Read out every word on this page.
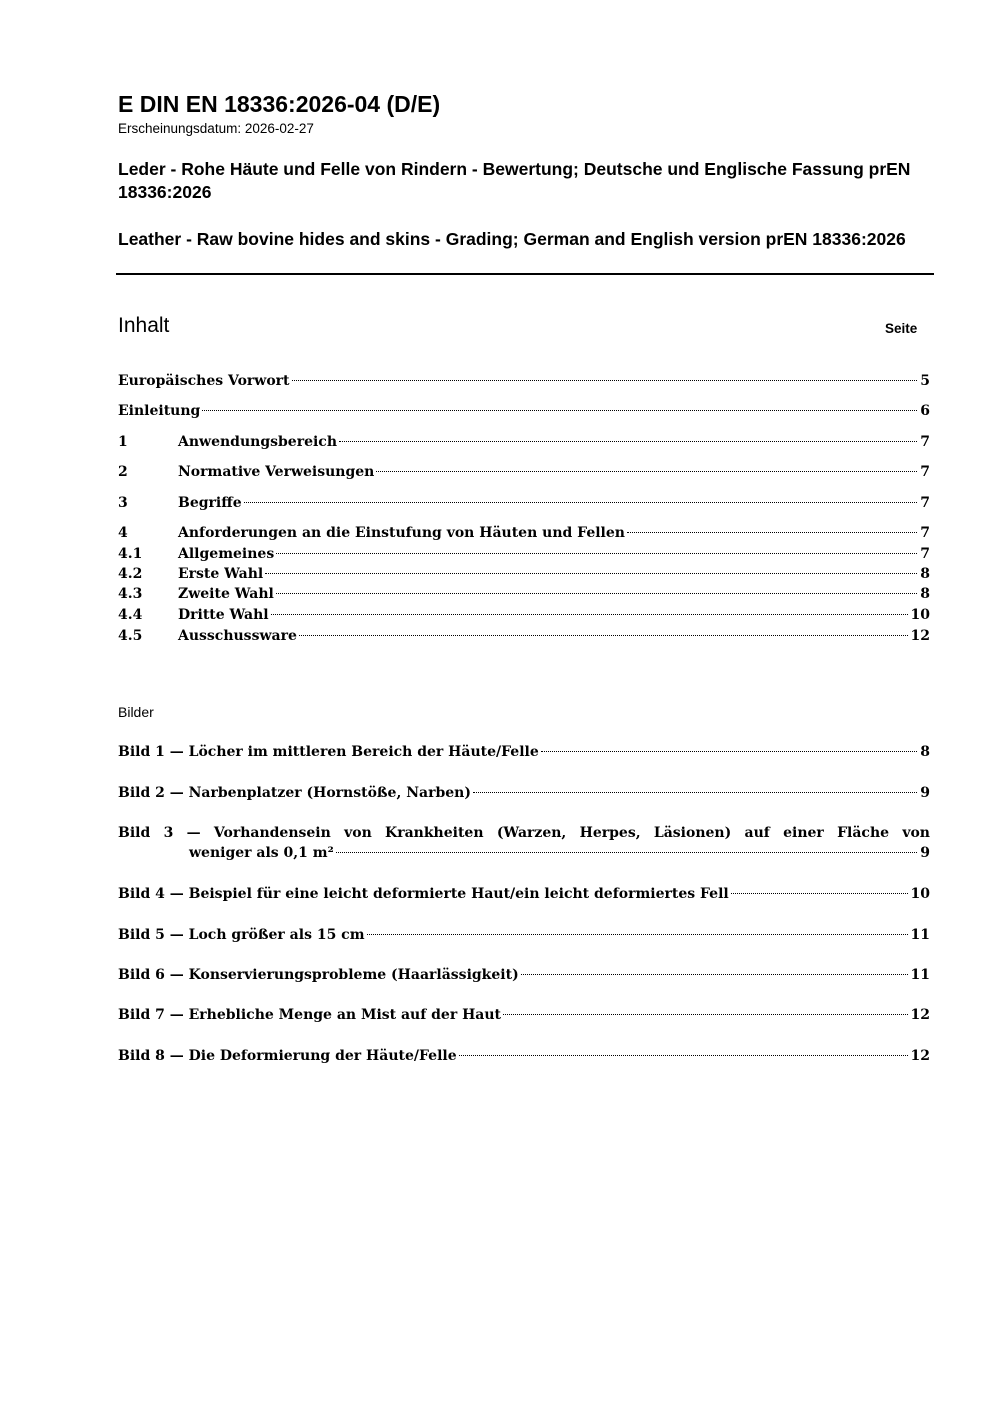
E DIN EN 18336:2026-04 (D/E)
Erscheinungsdatum: 2026-02-27
Leder - Rohe Häute und Felle von Rindern - Bewertung; Deutsche und Englische Fassung prEN 18336:2026
Leather - Raw bovine hides and skins - Grading; German and English version prEN 18336:2026
Inhalt	Seite
Europäisches Vorwort	5
Einleitung	6
1	Anwendungsbereich	7
2	Normative Verweisungen	7
3	Begriffe	7
4	Anforderungen an die Einstufung von Häuten und Fellen	7
4.1	Allgemeines	7
4.2	Erste Wahl	8
4.3	Zweite Wahl	8
4.4	Dritte Wahl	10
4.5	Ausschussware	12
Bilder
Bild 1 — Löcher im mittleren Bereich der Häute/Felle	8
Bild 2 — Narbenplatzer (Hornstöße, Narben)	9
Bild 3 — Vorhandensein von Krankheiten (Warzen, Herpes, Läsionen) auf einer Fläche von
weniger als 0,1 m²	9
Bild 4 — Beispiel für eine leicht deformierte Haut/ein leicht deformiertes Fell	10
Bild 5 — Loch größer als 15 cm	11
Bild 6 — Konservierungsprobleme (Haarlässigkeit)	11
Bild 7 — Erhebliche Menge an Mist auf der Haut	12
Bild 8 — Die Deformierung der Häute/Felle	12
